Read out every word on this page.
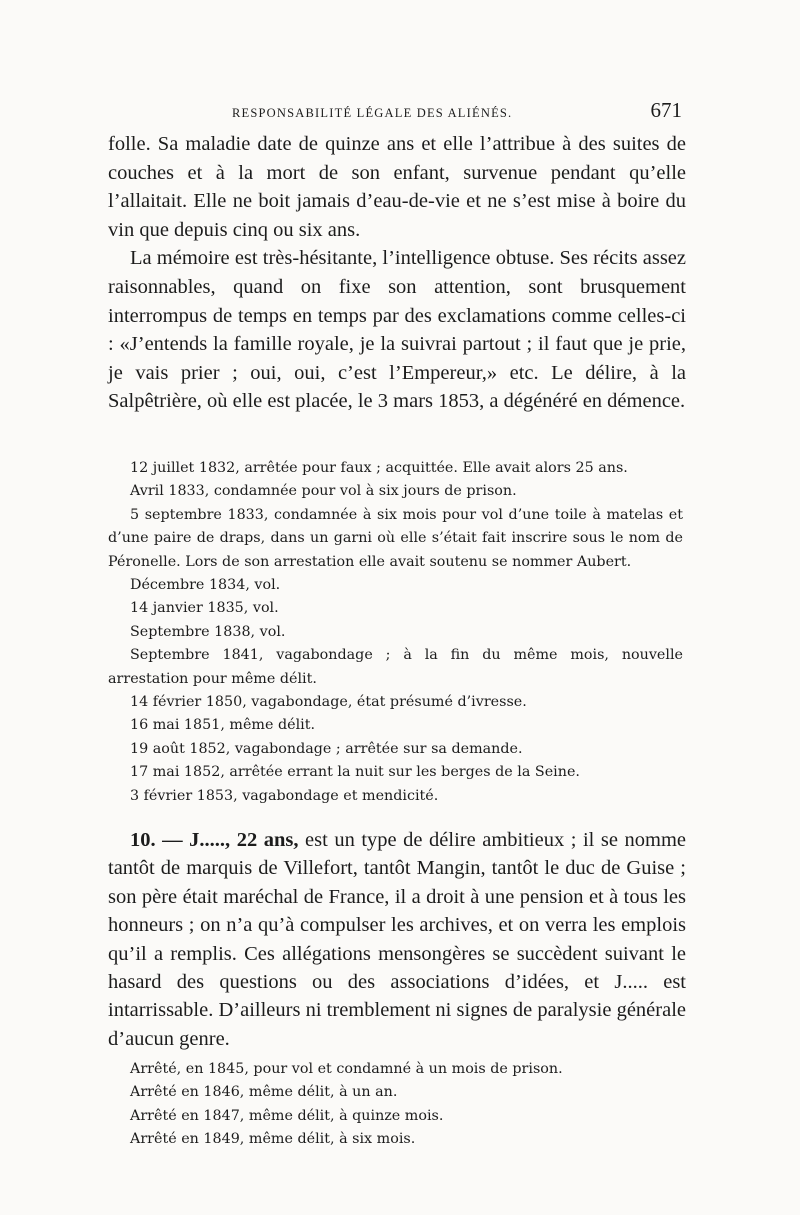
RESPONSABILITÉ LÉGALE DES ALIÉNÉS.	671

folle. Sa maladie date de quinze ans et elle l’attribue à des suites de couches et à la mort de son enfant, survenue pendant qu’elle l’allaitait. Elle ne boit jamais d’eau-de-vie et ne s’est mise à boire du vin que depuis cinq ou six ans.

La mémoire est très-hésitante, l’intelligence obtuse. Ses récits assez raisonnables, quand on fixe son attention, sont brusquement interrompus de temps en temps par des exclamations comme celles-ci : «J’entends la famille royale, je la suivrai partout ; il faut que je prie, je vais prier ; oui, oui, c’est l’Empereur,» etc. Le délire, à la Salpêtrière, où elle est placée, le 3 mars 1853, a dégénéré en démence.

12 juillet 1832, arrêtée pour faux ; acquittée. Elle avait alors 25 ans.

Avril 1833, condamnée pour vol à six jours de prison.

5 septembre 1833, condamnée à six mois pour vol d’une toile à matelas et d’une paire de draps, dans un garni où elle s’était fait inscrire sous le nom de Péronelle. Lors de son arrestation elle avait soutenu se nommer Aubert.

Décembre 1834, vol.

14 janvier 1835, vol.

Septembre 1838, vol.

Septembre 1841, vagabondage ; à la fin du même mois, nouvelle arrestation pour même délit.

14 février 1850, vagabondage, état présumé d’ivresse.

16 mai 1851, même délit.

19 août 1852, vagabondage ; arrêtée sur sa demande.

17 mai 1852, arrêtée errant la nuit sur les berges de la Seine.

3 février 1853, vagabondage et mendicité.

10. — J....., 22 ans, est un type de délire ambitieux ; il se nomme tantôt de marquis de Villefort, tantôt Mangin, tantôt le duc de Guise ; son père était maréchal de France, il a droit à une pension et à tous les honneurs ; on n’a qu’à compulser les archives, et on verra les emplois qu’il a remplis. Ces allégations mensongères se succèdent suivant le hasard des questions ou des associations d’idées, et J..... est intarrissable. D’ailleurs ni tremblement ni signes de paralysie générale d’aucun genre.

Arrêté, en 1845, pour vol et condamné à un mois de prison.

Arrêté en 1846, même délit, à un an.

Arrêté en 1847, même délit, à quinze mois.

Arrêté en 1849, même délit, à six mois.
